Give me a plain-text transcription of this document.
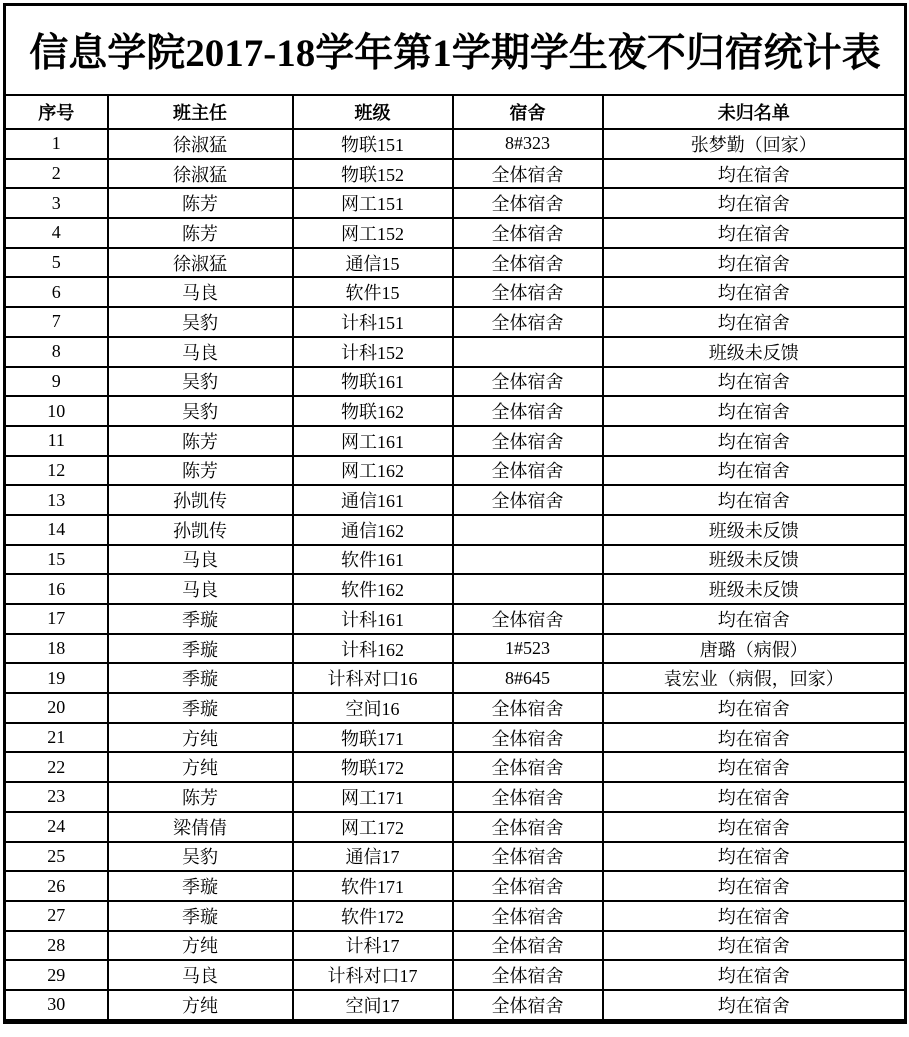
信息学院2017-18学年第1学期学生夜不归宿统计表				
序号	班主任	班级	宿舍	未归名单
1	徐淑猛	物联151	8#323	张梦勤（回家）
2	徐淑猛	物联152	全体宿舍	均在宿舍
3	陈芳	网工151	全体宿舍	均在宿舍
4	陈芳	网工152	全体宿舍	均在宿舍
5	徐淑猛	通信15	全体宿舍	均在宿舍
6	马良	软件15	全体宿舍	均在宿舍
7	吴豹	计科151	全体宿舍	均在宿舍
8	马良	计科152		班级未反馈
9	吴豹	物联161	全体宿舍	均在宿舍
10	吴豹	物联162	全体宿舍	均在宿舍
11	陈芳	网工161	全体宿舍	均在宿舍
12	陈芳	网工162	全体宿舍	均在宿舍
13	孙凯传	通信161	全体宿舍	均在宿舍
14	孙凯传	通信162		班级未反馈
15	马良	软件161		班级未反馈
16	马良	软件162		班级未反馈
17	季璇	计科161	全体宿舍	均在宿舍
18	季璇	计科162	1#523	唐璐（病假）
19	季璇	计科对口16	8#645	袁宏业（病假，回家）
20	季璇	空间16	全体宿舍	均在宿舍
21	方纯	物联171	全体宿舍	均在宿舍
22	方纯	物联172	全体宿舍	均在宿舍
23	陈芳	网工171	全体宿舍	均在宿舍
24	梁倩倩	网工172	全体宿舍	均在宿舍
25	吴豹	通信17	全体宿舍	均在宿舍
26	季璇	软件171	全体宿舍	均在宿舍
27	季璇	软件172	全体宿舍	均在宿舍
28	方纯	计科17	全体宿舍	均在宿舍
29	马良	计科对口17	全体宿舍	均在宿舍
30	方纯	空间17	全体宿舍	均在宿舍
